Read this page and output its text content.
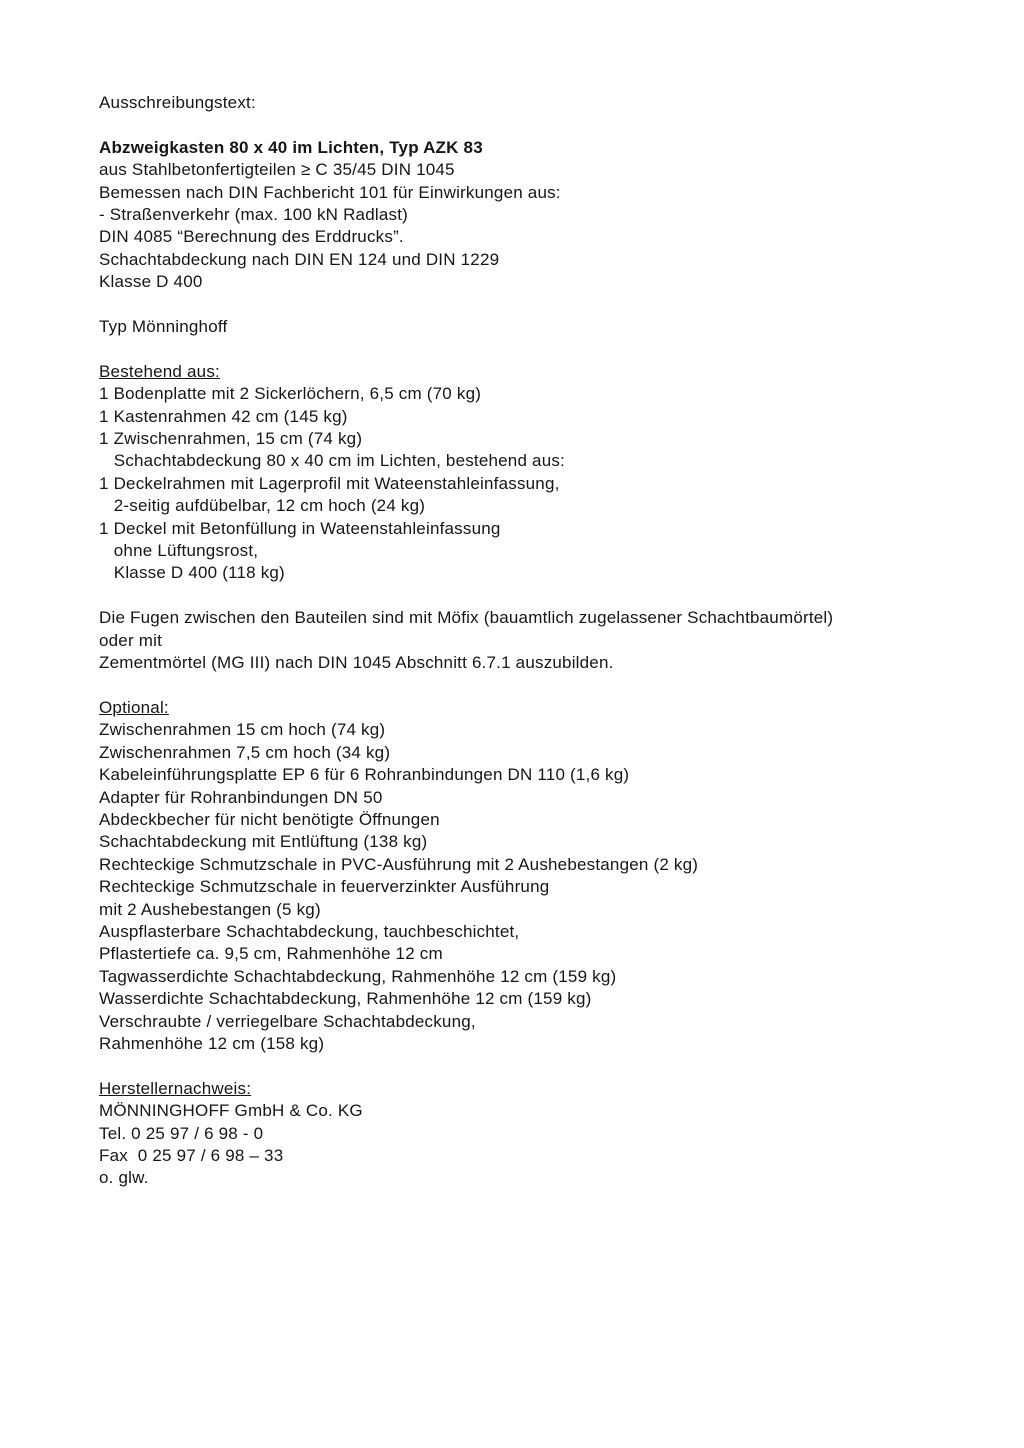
Ausschreibungstext:
Abzweigkasten 80 x 40 im Lichten, Typ AZK 83
aus Stahlbetonfertigteilen ≥ C 35/45 DIN 1045
Bemessen nach DIN Fachbericht 101 für Einwirkungen aus:
- Straßenverkehr (max. 100 kN Radlast)
DIN 4085 “Berechnung des Erddrucks”.
Schachtabdeckung nach DIN EN 124 und DIN 1229
Klasse D 400
Typ Mönninghoff
Bestehend aus:
1 Bodenplatte mit 2 Sickerlöchern, 6,5 cm (70 kg)
1 Kastenrahmen 42 cm (145 kg)
1 Zwischenrahmen, 15 cm (74 kg)
Schachtabdeckung 80 x 40 cm im Lichten, bestehend aus:
1 Deckelrahmen mit Lagerprofil mit Wateenstahleinfassung,
2-seitig aufdübelbar, 12 cm hoch (24 kg)
1 Deckel mit Betonfüllung in Wateenstahleinfassung
ohne Lüftungsrost,
Klasse D 400 (118 kg)
Die Fugen zwischen den Bauteilen sind mit Möfix (bauamtlich zugelassener Schachtbaumörtel)
oder mit
Zementmörtel (MG III) nach DIN 1045 Abschnitt 6.7.1 auszubilden.
Optional:
Zwischenrahmen 15 cm hoch (74 kg)
Zwischenrahmen 7,5 cm hoch (34 kg)
Kabeleinführungsplatte EP 6 für 6 Rohranbindungen DN 110 (1,6 kg)
Adapter für Rohranbindungen DN 50
Abdeckbecher für nicht benötigte Öffnungen
Schachtabdeckung mit Entlüftung (138 kg)
Rechteckige Schmutzschale in PVC-Ausführung mit 2 Aushebestangen (2 kg)
Rechteckige Schmutzschale in feuerverzinkter Ausführung
mit 2 Aushebestangen (5 kg)
Auspflasterbare Schachtabdeckung, tauchbeschichtet,
Pflastertiefe ca. 9,5 cm, Rahmenhöhe 12 cm
Tagwasserdichte Schachtabdeckung, Rahmenhöhe 12 cm (159 kg)
Wasserdichte Schachtabdeckung, Rahmenhöhe 12 cm (159 kg)
Verschraubte / verriegelbare Schachtabdeckung,
Rahmenhöhe 12 cm (158 kg)
Herstellernachweis:
MÖNNINGHOFF GmbH & Co. KG
Tel. 0 25 97 / 6 98 - 0
Fax  0 25 97 / 6 98 – 33
o. glw.
